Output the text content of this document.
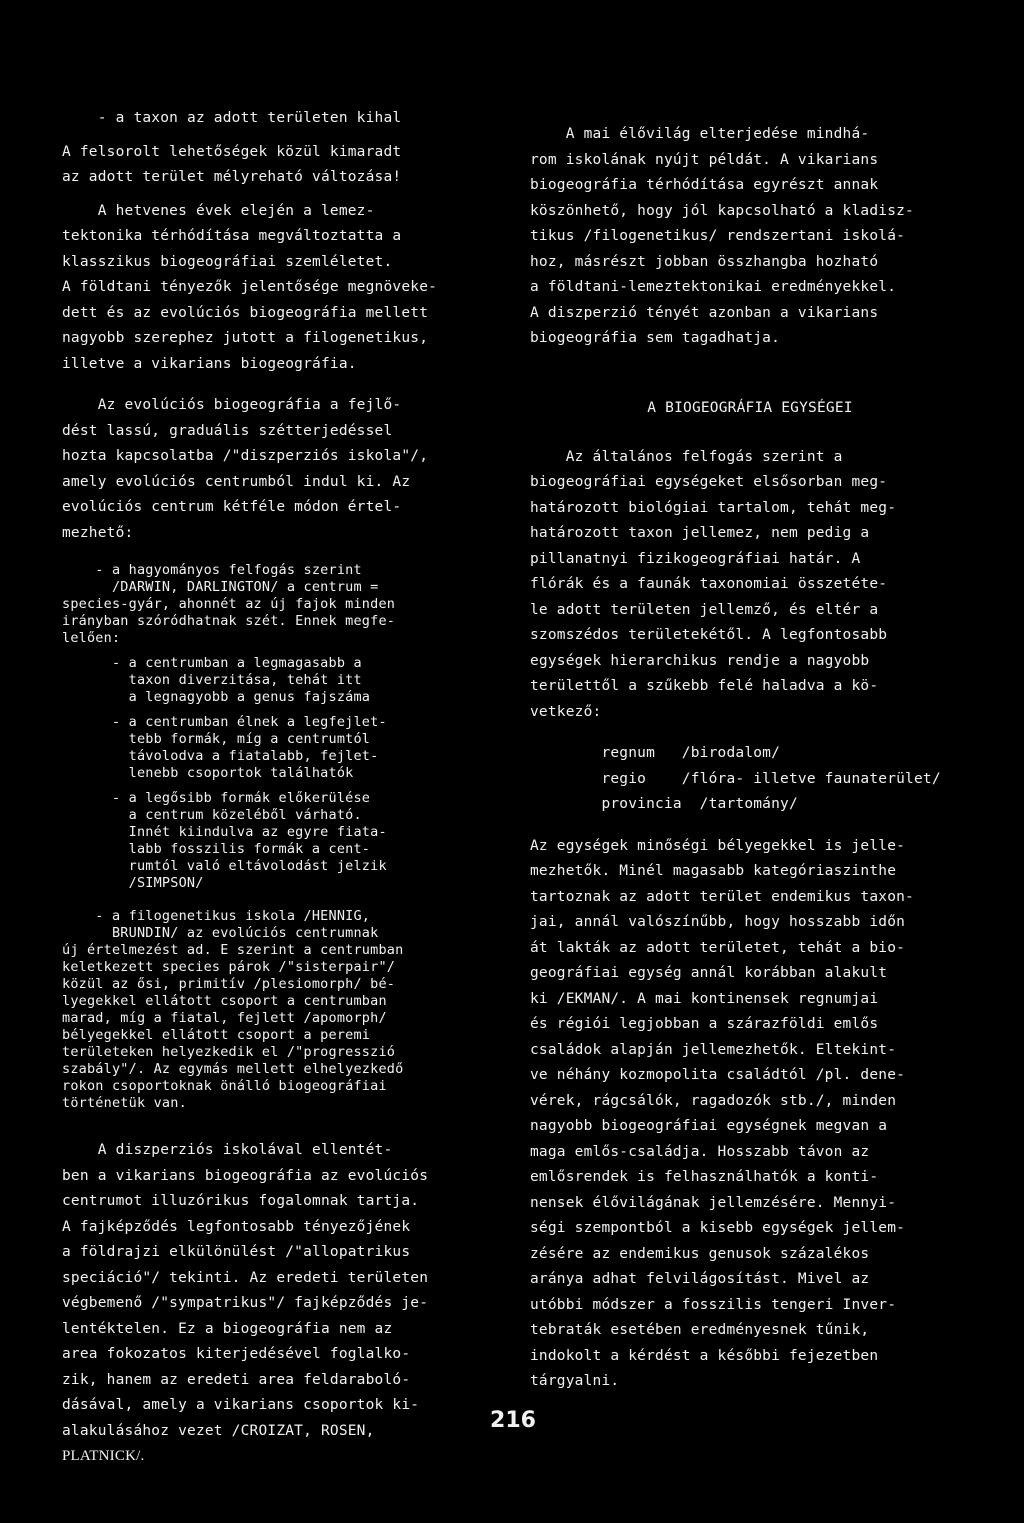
- a taxon az adott területen kihal
A felsorolt lehetőségek közül kimaradt
az adott terület mélyreható változása!
A hetvenes évek elején a lemez-
tektonika térhódítása megváltoztatta a
klasszikus biogeográfiai szemléletet.
A földtani tényezők jelentősége megnöveke-
dett és az evolúciós biogeográfia mellett
nagyobb szerephez jutott a filogenetikus,
illetve a vikarians biogeográfia.
Az evolúciós biogeográfia a fejlő-
dést lassú, graduális szétterjedéssel
hozta kapcsolatba /"diszperziós iskola"/,
amely evolúciós centrumból indul ki. Az
evolúciós centrum kétféle módon értel-
mezhető:
- a hagyományos felfogás szerint
/DARWIN, DARLINGTON/ a centrum =
species-gyár, ahonnét az új fajok minden
irányban szóródhatnak szét. Ennek megfe-
lelően:
- a centrumban a legmagasabb a
taxon diverzitása, tehát itt
a legnagyobb a genus fajszáma
- a centrumban élnek a legfejlet-
tebb formák, míg a centrumtól
távolodva a fiatalabb, fejlet-
lenebb csoportok találhatók
- a legősibb formák előkerülése
a centrum közeléből várható.
Innét kiindulva az egyre fiata-
labb fosszilis formák a cent-
rumtól való eltávolodást jelzik
/SIMPSON/
- a filogenetikus iskola /HENNIG,
BRUNDIN/ az evolúciós centrumnak
új értelmezést ad. E szerint a centrumban
keletkezett species párok /"sisterpair"/
közül az ősi, primitív /plesiomorph/ bé-
lyegekkel ellátott csoport a centrumban
marad, míg a fiatal, fejlett /apomorph/
bélyegekkel ellátott csoport a peremi
területeken helyezkedik el /"progresszió
szabály"/. Az egymás mellett elhelyezkedő
rokon csoportoknak önálló biogeográfiai
történetük van.
A diszperziós iskolával ellentét-
ben a vikarians biogeográfia az evolúciós
centrumot illuzórikus fogalomnak tartja.
A fajképződés legfontosabb tényezőjének
a földrajzi elkülönülést /"allopatrikus
speciáció"/ tekinti. Az eredeti területen
végbemenő /"sympatrikus"/ fajképződés je-
lentéktelen. Ez a biogeográfia nem az
area fokozatos kiterjedésével foglalko-
zik, hanem az eredeti area feldaraboló-
dásával, amely a vikarians csoportok ki-
alakulásához vezet /CROIZAT, ROSEN,
PLATNICK/.
A mai élővilág elterjedése mindhá-
rom iskolának nyújt példát. A vikarians
biogeográfia térhódítása egyrészt annak
köszönhető, hogy jól kapcsolható a kladisz-
tikus /filogenetikus/ rendszertani iskolá-
hoz, másrészt jobban összhangba hozható
a földtani-lemeztektonikai eredményekkel.
A diszperzió tényét azonban a vikarians
biogeográfia sem tagadhatja.
A BIOGEOGRÁFIA EGYSÉGEI
Az általános felfogás szerint a
biogeográfiai egységeket elsősorban meg-
határozott biológiai tartalom, tehát meg-
határozott taxon jellemez, nem pedig a
pillanatnyi fizikogeográfiai határ. A
flórák és a faunák taxonomiai összetéte-
le adott területen jellemző, és eltér a
szomszédos területekétől. A legfontosabb
egységek hierarchikus rendje a nagyobb
területtől a szűkebb felé haladva a kö-
vetkező:
regnum   /birodalom/
regio    /flóra- illetve faunaterület/
provincia  /tartomány/
Az egységek minőségi bélyegekkel is jelle-
mezhetők. Minél magasabb kategóriaszinthe
tartoznak az adott terület endemikus taxon-
jai, annál valószínűbb, hogy hosszabb időn
át lakták az adott területet, tehát a bio-
geográfiai egység annál korábban alakult
ki /EKMAN/. A mai kontinensek regnumjai
és régiói legjobban a szárazföldi emlős
családok alapján jellemezhetők. Eltekint-
ve néhány kozmopolita családtól /pl. dene-
vérek, rágcsálók, ragadozók stb./, minden
nagyobb biogeográfiai egységnek megvan a
maga emlős-családja. Hosszabb távon az
emlősrendek is felhasználhatók a konti-
nensek élővilágának jellemzésére. Mennyi-
ségi szempontból a kisebb egységek jellem-
zésére az endemikus genusok százalékos
aránya adhat felvilágosítást. Mivel az
utóbbi módszer a fosszilis tengeri Inver-
tebraták esetében eredményesnek tűnik,
indokolt a kérdést a későbbi fejezetben
tárgyalni.
216
